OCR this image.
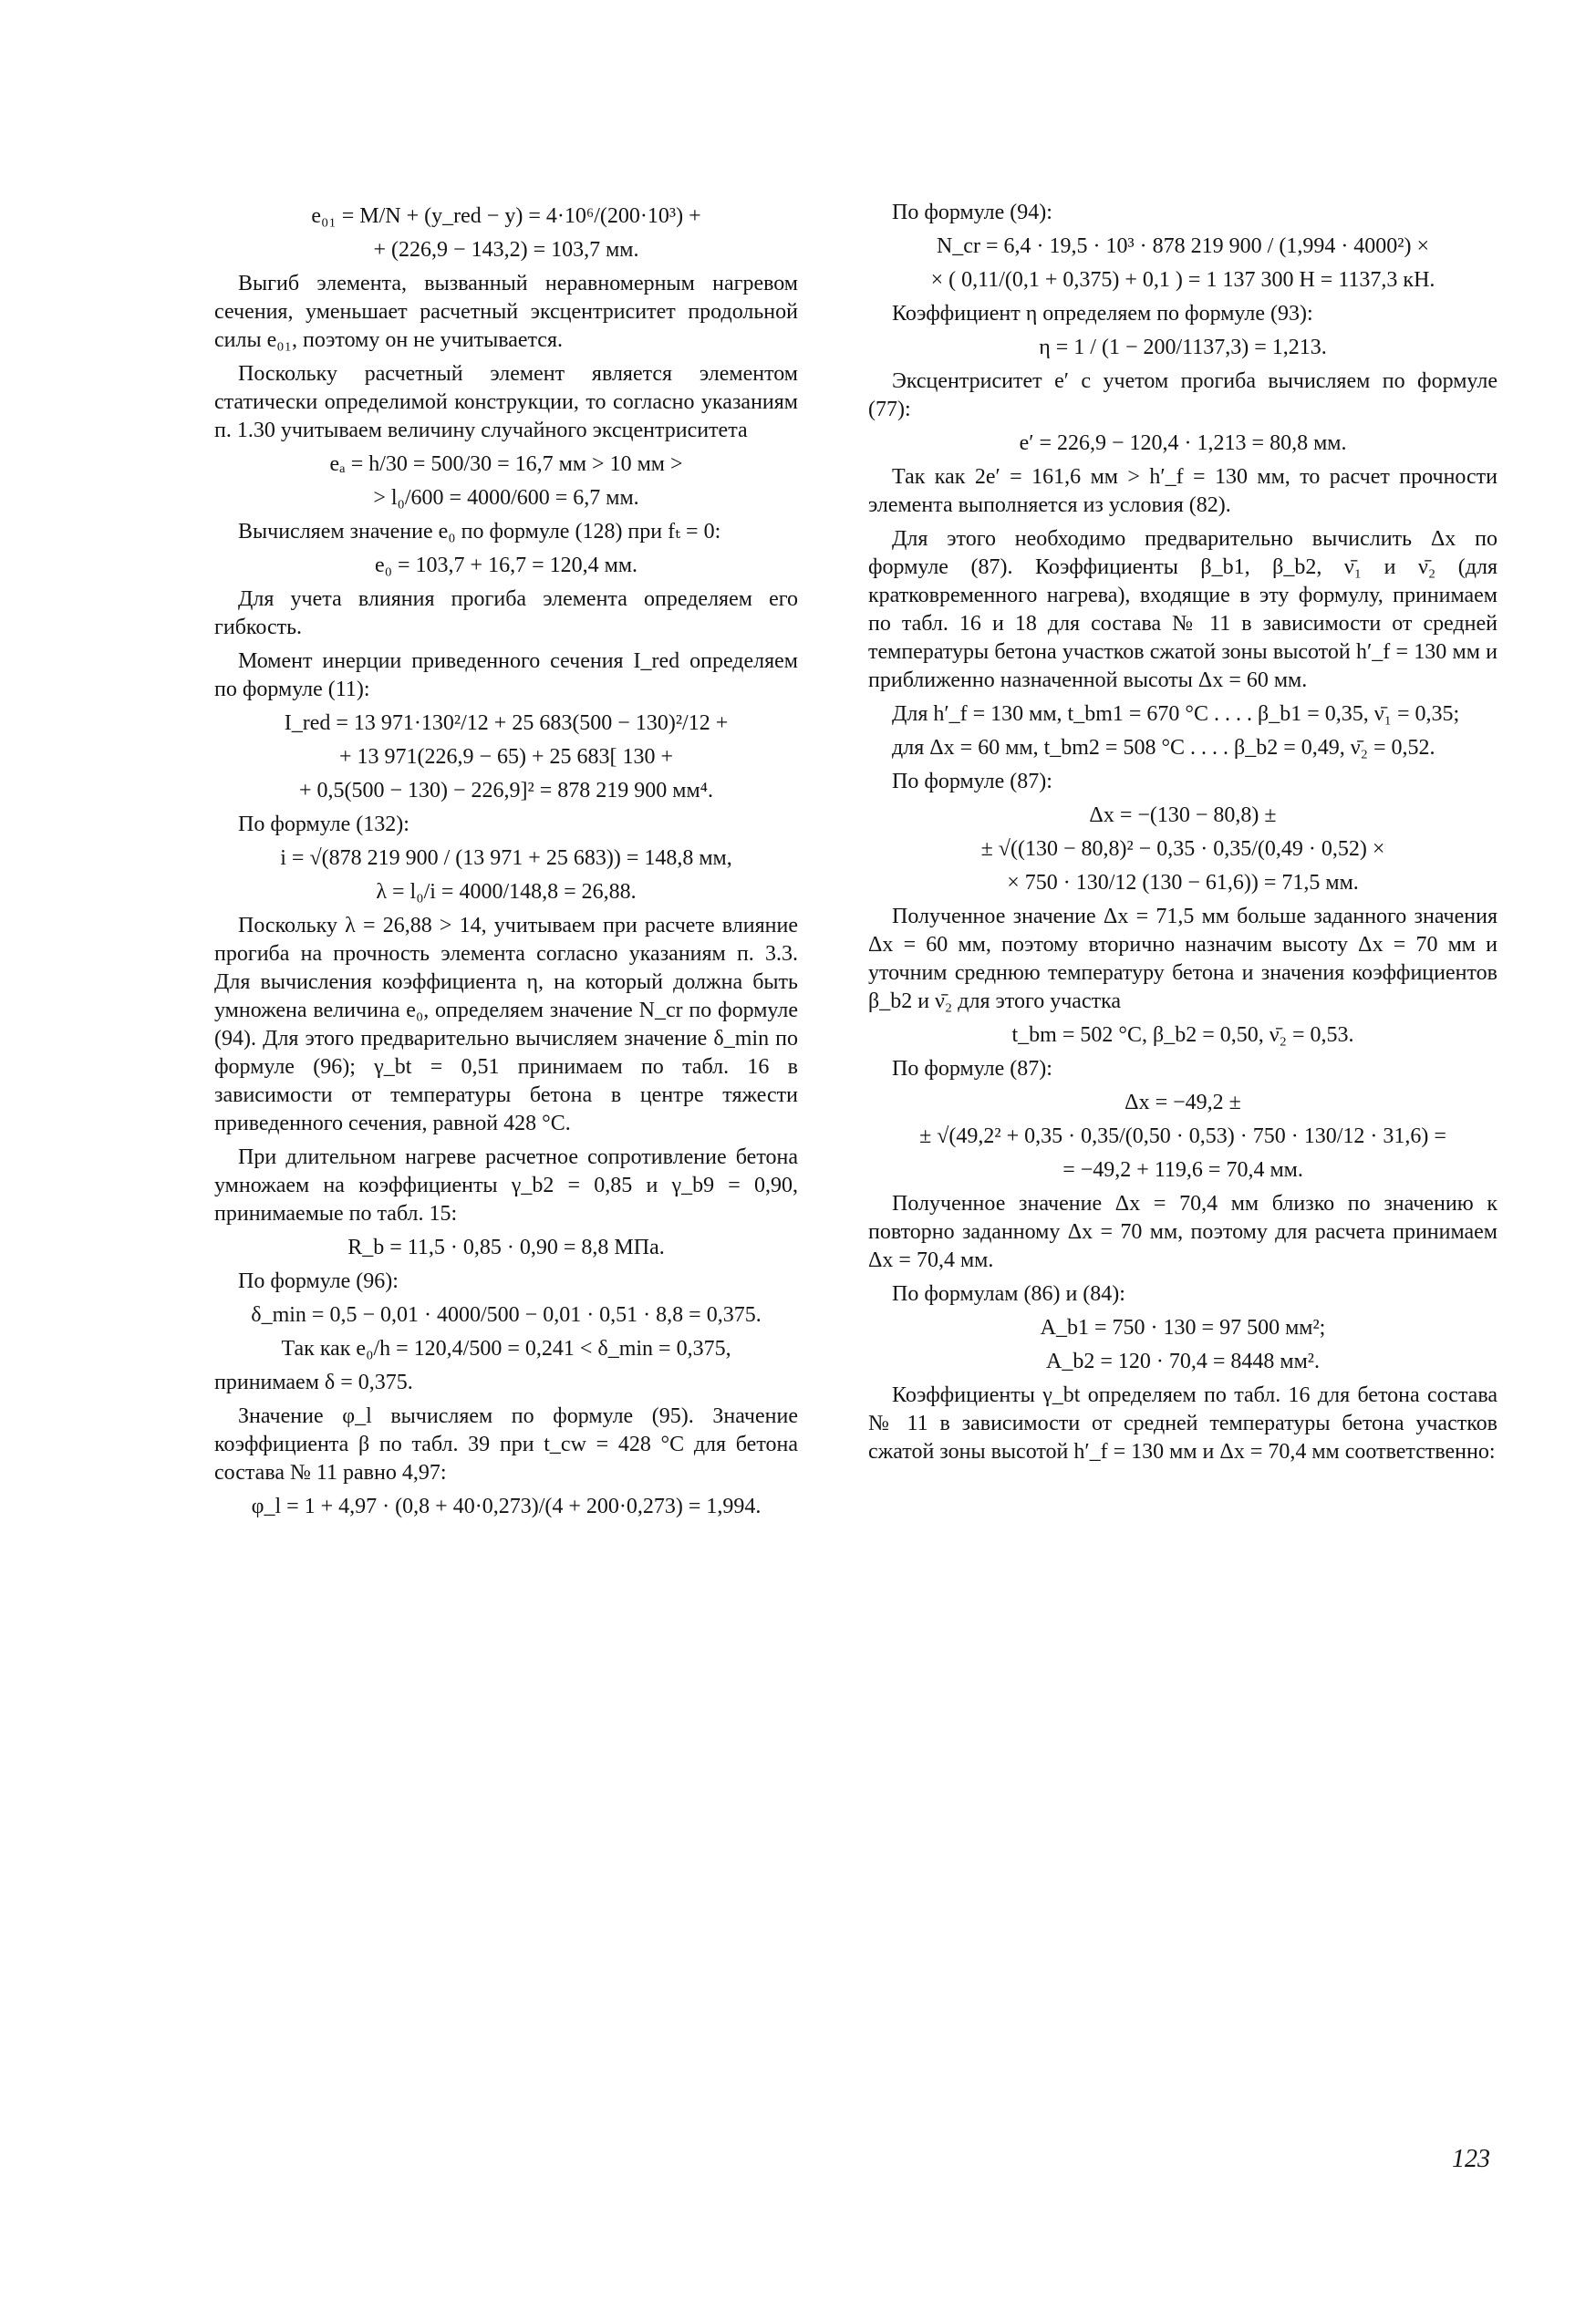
e₀₁ = M/N + (y_red − y) = 4·10⁶/(200·10³) +
+ (226,9 − 143,2) = 103,7 мм.

Выгиб элемента, вызванный неравномерным нагревом сечения, уменьшает расчетный эксцентриситет продольной силы e₀₁, поэтому он не учитывается.

Поскольку расчетный элемент является элементом статически определимой конструкции, то согласно указаниям п. 1.30 учитываем величину случайного эксцентриситета

eₐ = h/30 = 500/30 = 16,7 мм > 10 мм >
> l₀/600 = 4000/600 = 6,7 мм.

Вычисляем значение e₀ по формуле (128) при fₜ = 0:

e₀ = 103,7 + 16,7 = 120,4 мм.

Для учета влияния прогиба элемента определяем его гибкость.

Момент инерции приведенного сечения I_red определяем по формуле (11):

I_red = 13 971·130²/12 + 25 683(500 − 130)²/12 +
+ 13 971(226,9 − 65) + 25 683[ 130 +
+ 0,5(500 − 130) − 226,9]² = 878 219 900 мм⁴.

По формуле (132):

i = √(878 219 900 / (13 971 + 25 683)) = 148,8 мм,
λ = l₀/i = 4000/148,8 = 26,88.

Поскольку λ = 26,88 > 14, учитываем при расчете влияние прогиба на прочность элемента согласно указаниям п. 3.3. Для вычисления коэффициента η, на который должна быть умножена величина e₀, определяем значение N_cr по формуле (94). Для этого предварительно вычисляем значение δ_min по формуле (96); γ_bt = 0,51 принимаем по табл. 16 в зависимости от температуры бетона в центре тяжести приведенного сечения, равной 428 °C.

При длительном нагреве расчетное сопротивление бетона умножаем на коэффициенты γ_b2 = 0,85 и γ_b9 = 0,90, принимаемые по табл. 15:

R_b = 11,5 · 0,85 · 0,90 = 8,8 МПа.

По формуле (96):

δ_min = 0,5 − 0,01 · 4000/500 − 0,01 · 0,51 · 8,8 = 0,375.
Так как e₀/h = 120,4/500 = 0,241 < δ_min = 0,375,

принимаем δ = 0,375.

Значение φ_l вычисляем по формуле (95). Значение коэффициента β по табл. 39 при t_cw = 428 °C для бетона состава № 11 равно 4,97:

φ_l = 1 + 4,97 · (0,8 + 40·0,273)/(4 + 200·0,273) = 1,994.

По формуле (94):

N_cr = 6,4 · 19,5 · 10³ · 878 219 900 / (1,994 · 4000²) ×
× ( 0,11/(0,1 + 0,375) + 0,1 ) = 1 137 300 Н = 1137,3 кН.

Коэффициент η определяем по формуле (93):

η = 1 / (1 − 200/1137,3) = 1,213.

Эксцентриситет e′ с учетом прогиба вычисляем по формуле (77):

e′ = 226,9 − 120,4 · 1,213 = 80,8 мм.

Так как 2e′ = 161,6 мм > h′_f = 130 мм, то расчет прочности элемента выполняется из условия (82).

Для этого необходимо предварительно вычислить Δx по формуле (87). Коэффициенты β_b1, β_b2, ν̄₁ и ν̄₂ (для кратковременного нагрева), входящие в эту формулу, принимаем по табл. 16 и 18 для состава № 11 в зависимости от средней температуры бетона участков сжатой зоны высотой h′_f = 130 мм и приближенно назначенной высоты Δx = 60 мм.

Для h′_f = 130 мм, t_bm1 = 670 °C . . . . β_b1 = 0,35, ν̄₁ = 0,35;

для Δx = 60 мм, t_bm2 = 508 °C . . . . β_b2 = 0,49, ν̄₂ = 0,52.

По формуле (87):

Δx = −(130 − 80,8) ±
± √((130 − 80,8)² − 0,35 · 0,35/(0,49 · 0,52) ×
× 750 · 130/12 (130 − 61,6)) = 71,5 мм.

Полученное значение Δx = 71,5 мм больше заданного значения Δx = 60 мм, поэтому вторично назначим высоту Δx = 70 мм и уточним среднюю температуру бетона и значения коэффициентов β_b2 и ν̄₂ для этого участка

t_bm = 502 °C, β_b2 = 0,50, ν̄₂ = 0,53.

По формуле (87):

Δx = −49,2 ±
± √(49,2² + 0,35 · 0,35/(0,50 · 0,53) · 750 · 130/12 · 31,6) =
= −49,2 + 119,6 = 70,4 мм.

Полученное значение Δx = 70,4 мм близко по значению к повторно заданному Δx = 70 мм, поэтому для расчета принимаем Δx = 70,4 мм.

По формулам (86) и (84):

A_b1 = 750 · 130 = 97 500 мм²;
A_b2 = 120 · 70,4 = 8448 мм².

Коэффициенты γ_bt определяем по табл. 16 для бетона состава № 11 в зависимости от средней температуры бетона участков сжатой зоны высотой h′_f = 130 мм и Δx = 70,4 мм соответственно:

123
